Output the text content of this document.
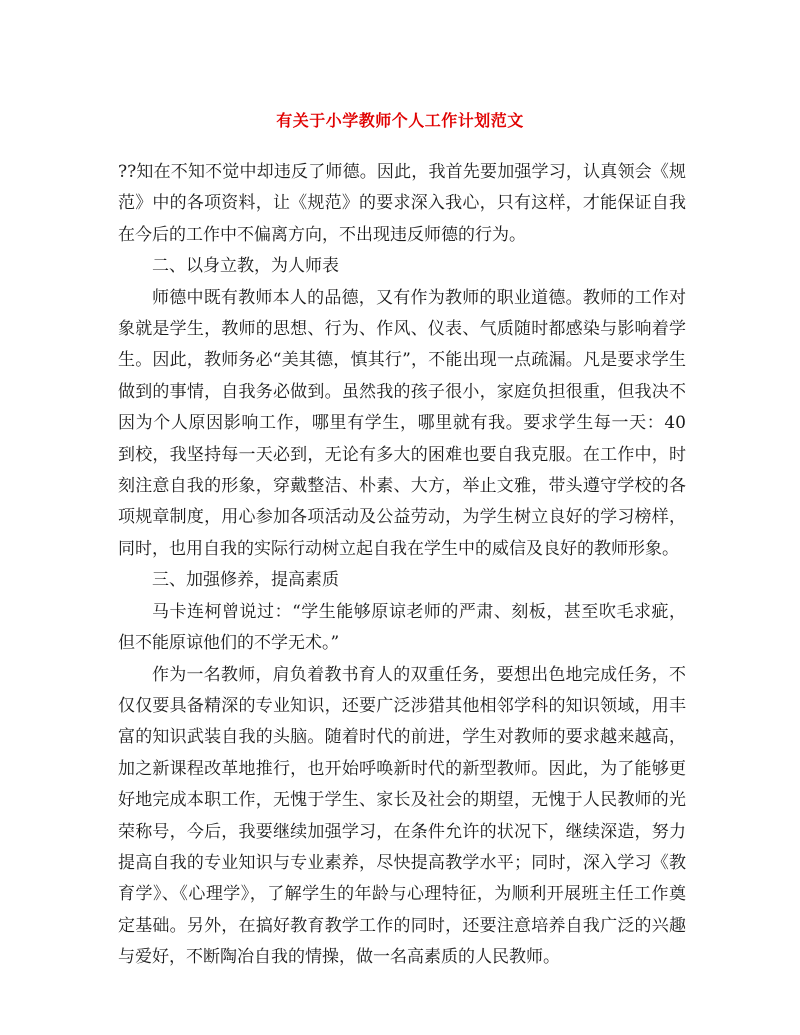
有关于小学教师个人工作计划范文

??知在不知不觉中却违反了师德。因此，我首先要加强学习，认真领会《规范》中的各项资料，让《规范》的要求深入我心，只有这样，才能保证自我在今后的工作中不偏离方向，不出现违反师德的行为。

二、以身立教，为人师表

师德中既有教师本人的品德，又有作为教师的职业道德。教师的工作对象就是学生，教师的思想、行为、作风、仪表、气质随时都感染与影响着学生。因此，教师务必“美其德，慎其行”，不能出现一点疏漏。凡是要求学生做到的事情，自我务必做到。虽然我的孩子很小，家庭负担很重，但我决不因为个人原因影响工作，哪里有学生，哪里就有我。要求学生每一天：40 到校，我坚持每一天必到，无论有多大的困难也要自我克服。在工作中，时刻注意自我的形象，穿戴整洁、朴素、大方，举止文雅，带头遵守学校的各项规章制度，用心参加各项活动及公益劳动，为学生树立良好的学习榜样，同时，也用自我的实际行动树立起自我在学生中的威信及良好的教师形象。

三、加强修养，提高素质

马卡连柯曾说过：“学生能够原谅老师的严肃、刻板，甚至吹毛求疵，但不能原谅他们的不学无术。”

作为一名教师，肩负着教书育人的双重任务，要想出色地完成任务，不仅仅要具备精深的专业知识，还要广泛涉猎其他相邻学科的知识领域，用丰富的知识武装自我的头脑。随着时代的前进，学生对教师的要求越来越高，加之新课程改革地推行，也开始呼唤新时代的新型教师。因此，为了能够更好地完成本职工作，无愧于学生、家长及社会的期望，无愧于人民教师的光荣称号，今后，我要继续加强学习，在条件允许的状况下，继续深造，努力提高自我的专业知识与专业素养，尽快提高教学水平；同时，深入学习《教育学》、《心理学》，了解学生的年龄与心理特征，为顺利开展班主任工作奠定基础。另外，在搞好教育教学工作的同时，还要注意培养自我广泛的兴趣与爱好，不断陶冶自我的情操，做一名高素质的人民教师。
